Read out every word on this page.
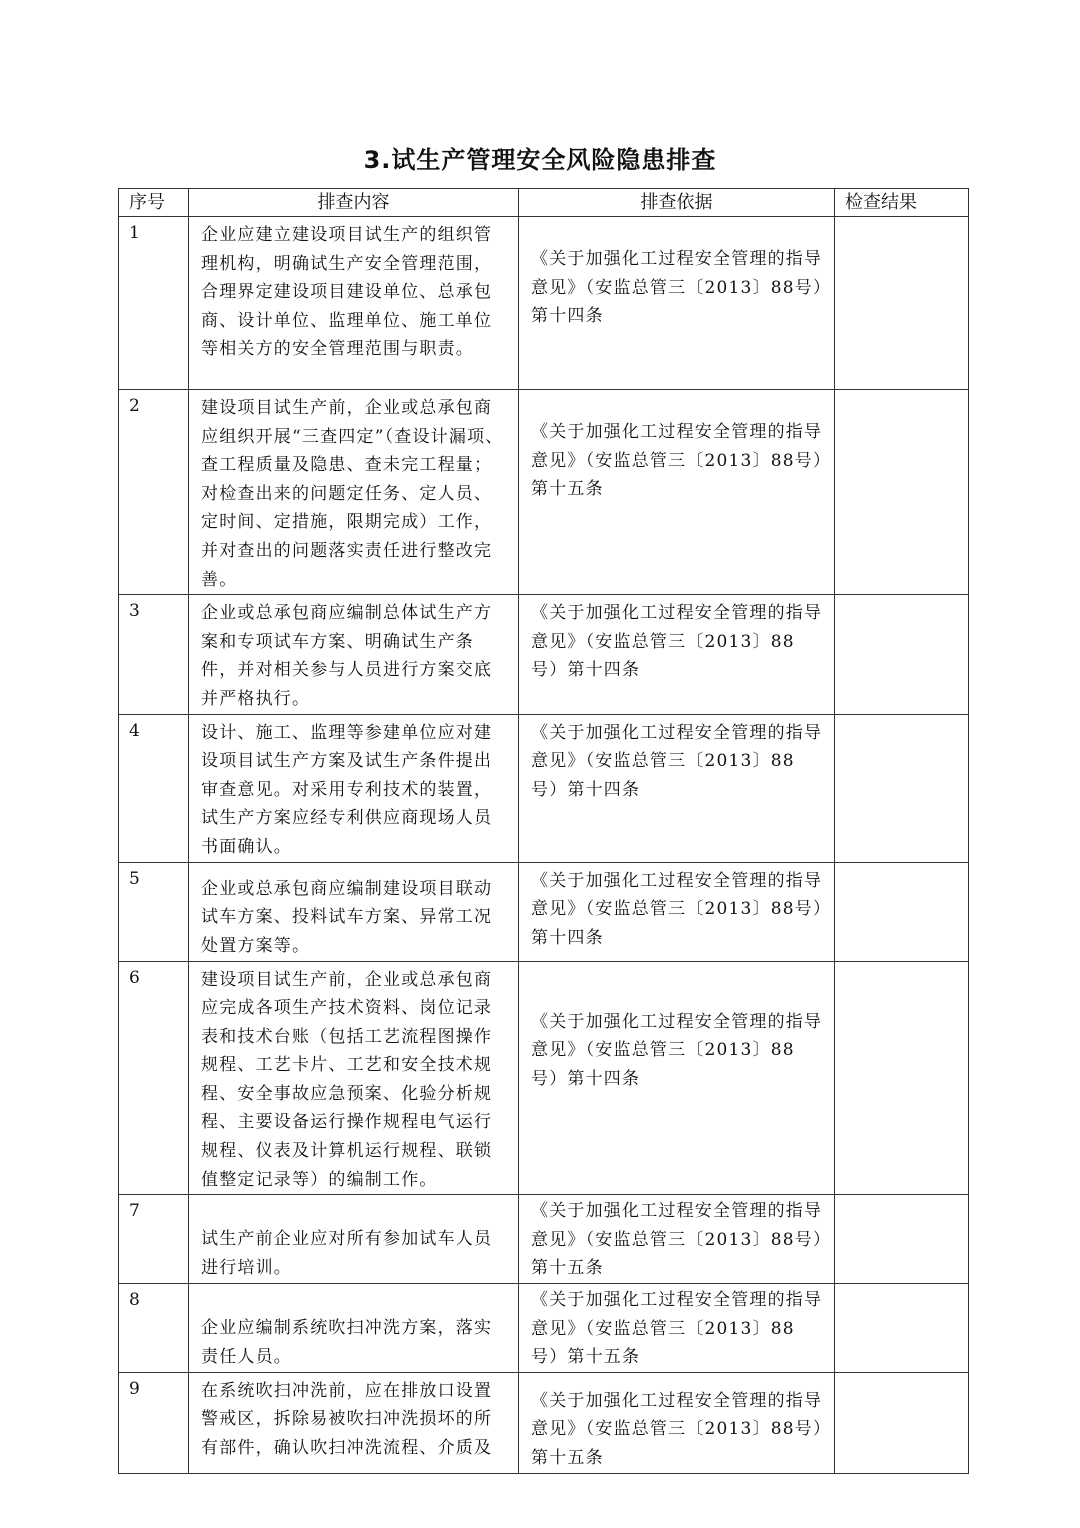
3.试生产管理安全风险隐患排查
序号	排查内容	排查依据	检查结果
1	企业应建立建设项目试生产的组织管理机构，明确试生产安全管理范围，合理界定建设项目建设单位、总承包商、设计单位、监理单位、施工单位等相关方的安全管理范围与职责。	《关于加强化工过程安全管理的指导意见》（安监总管三〔2013〕88号）第十四条	
2	建设项目试生产前，企业或总承包商应组织开展“三查四定”（查设计漏项、查工程质量及隐患、查未完工程量；对检查出来的问题定任务、定人员、定时间、定措施，限期完成）工作，并对查出的问题落实责任进行整改完善。	《关于加强化工过程安全管理的指导意见》（安监总管三〔2013〕88号）第十五条	
3	企业或总承包商应编制总体试生产方案和专项试车方案、明确试生产条件，并对相关参与人员进行方案交底并严格执行。	《关于加强化工过程安全管理的指导意见》（安监总管三〔2013〕88 号）第十四条	
4	设计、施工、监理等参建单位应对建设项目试生产方案及试生产条件提出审查意见。对采用专利技术的装置，试生产方案应经专利供应商现场人员书面确认。	《关于加强化工过程安全管理的指导意见》（安监总管三〔2013〕88 号）第十四条	
5	企业或总承包商应编制建设项目联动试车方案、投料试车方案、异常工况处置方案等。	《关于加强化工过程安全管理的指导意见》（安监总管三〔2013〕88号）第十四条	
6	建设项目试生产前，企业或总承包商应完成各项生产技术资料、岗位记录表和技术台账（包括工艺流程图操作规程、工艺卡片、工艺和安全技术规程、安全事故应急预案、化验分析规程、主要设备运行操作规程电气运行规程、仪表及计算机运行规程、联锁值整定记录等）的编制工作。	《关于加强化工过程安全管理的指导意见》（安监总管三〔2013〕88 号）第十四条	
7	试生产前企业应对所有参加试车人员进行培训。	《关于加强化工过程安全管理的指导意见》（安监总管三〔2013〕88号）第十五条	
8	企业应编制系统吹扫冲洗方案，落实责任人员。	《关于加强化工过程安全管理的指导意见》（安监总管三〔2013〕88 号）第十五条	
9	在系统吹扫冲洗前，应在排放口设置警戒区，拆除易被吹扫冲洗损坏的所有部件，确认吹扫冲洗流程、介质及	《关于加强化工过程安全管理的指导意见》（安监总管三〔2013〕88号）第十五条	
